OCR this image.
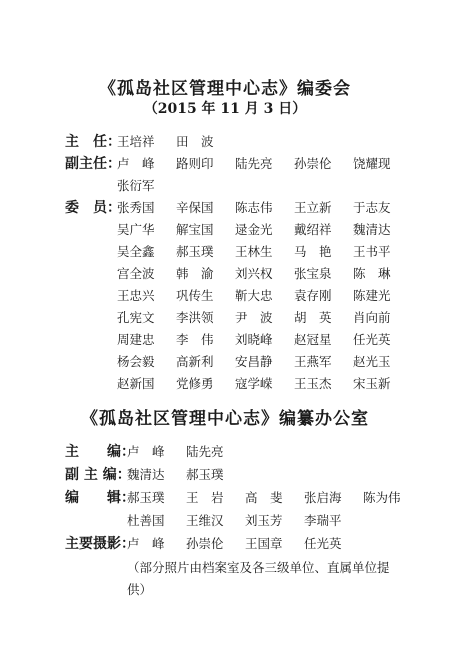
《孤岛社区管理中心志》编委会
（2015 年 11 月 3 日）
主　任：
王培祥 田　波
副主任：
卢　峰 路则印 陆先亮 孙崇伦 饶耀现
张衍军
委　员：
张秀国 辛保国 陈志伟 王立新 于志友
吴广华 解宝国 逯金光 戴绍祥 魏清达
吴全鑫 郝玉璞 王林生 马　艳 王书平
宫全波 韩　渝 刘兴权 张宝泉 陈　琳
王忠兴 巩传生 靳大忠 袁存刚 陈建光
孔宪文 李洪领 尹　波 胡　英 肖向前
周建忠 李　伟 刘晓峰 赵冠星 任光英
杨会毅 高新利 安昌静 王燕军 赵光玉
赵新国 党修勇 寇学嵘 王玉杰 宋玉新
《孤岛社区管理中心志》编纂办公室
主　　编：
卢　峰 陆先亮
副 主 编：
魏清达 郝玉璞
编　　辑：
郝玉璞 王　岩 高　斐 张启海 陈为伟
杜善国 王维汉 刘玉芳 李瑞平
主要摄影：
卢　峰 孙崇伦 王国章 任光英
（部分照片由档案室及各三级单位、直属单位提
供）
